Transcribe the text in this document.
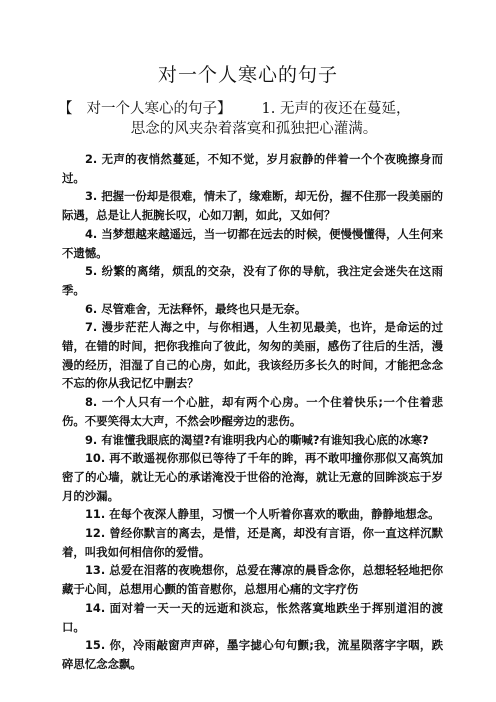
对一个人寒心的句子
【 对一个人寒心的句子】 1. 无声的夜还在蔓延，
思念的风夹杂着落寞和孤独把心灌满。

2. 无声的夜悄然蔓延，不知不觉，岁月寂静的伴着一个个夜晚擦身而过。

3. 把握一份却是很难，情未了，缘难断，却无份，握不住那一段美丽的际遇，总是让人扼腕长叹，心如刀割，如此，又如何？

4. 当梦想越来越遥远，当一切都在远去的时候，便慢慢懂得，人生何来不遗憾。

5. 纷繁的离绪，烦乱的交杂，没有了你的导航，我注定会迷失在这雨季。

6. 尽管难舍，无法释怀，最终也只是无奈。

7. 漫步茫茫人海之中，与你相遇，人生初见最美，也许，是命运的过错，在错的时间，把你我推向了彼此，匆匆的美丽，感伤了往后的生活，漫漫的经历，泪湿了自己的心房，如此，我该经历多长久的时间，才能把念念不忘的你从我记忆中删去？

8. 一个人只有一个心脏，却有两个心房。一个住着快乐;一个住着悲伤。不要笑得太大声，不然会吵醒旁边的悲伤。

9. 有谁懂我眼底的渴望?有谁明我内心的嘶喊?有谁知我心底的冰寒?

10. 再不敢遥视你那似已等待了千年的眸，再不敢叩撞你那似又高筑加密了的心墙，就让无心的承诺淹没于世俗的沧海，就让无意的回眸淡忘于岁月的沙漏。

11. 在每个夜深人静里，习惯一个人听着你喜欢的歌曲，静静地想念。

12. 曾经你默言的离去，是惜，还是离，却没有言语，你一直这样沉默着，叫我如何相信你的爱惜。

13. 总爱在泪落的夜晚想你，总爱在薄凉的晨昏念你，总想轻轻地把你藏于心间，总想用心颤的笛音慰你，总想用心痛的文字疗伤

14. 面对着一天一天的远逝和淡忘，怅然落寞地跌坐于挥别道泪的渡口。

15. 你，冷雨敲窗声声碎，墨字摅心句句颤;我，流星陨落字字咽，跌碎思忆念念飘。
